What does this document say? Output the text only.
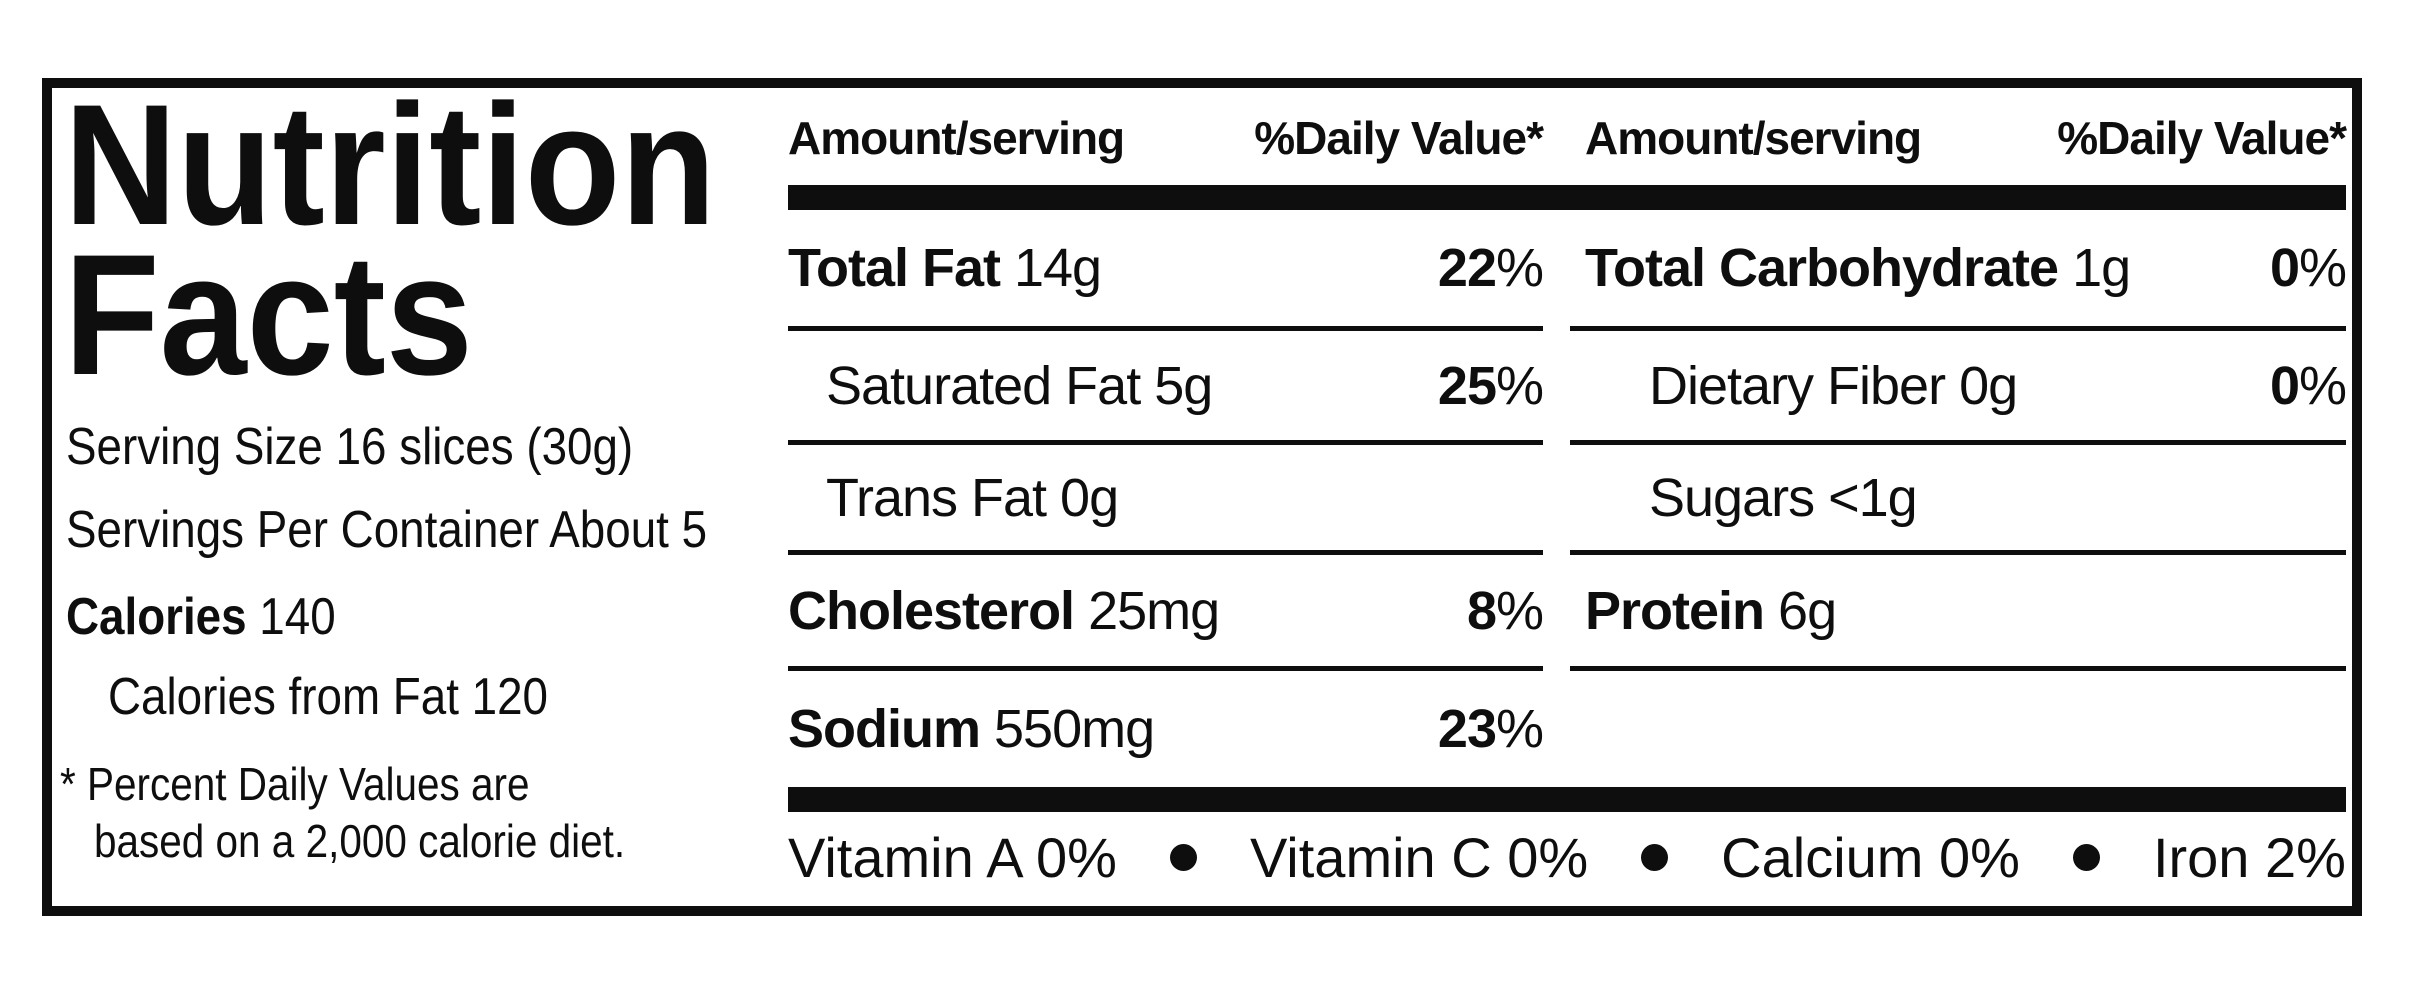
Nutrition
Facts
Serving Size 16 slices (30g)
Servings Per Container About 5
Calories 140
Calories from Fat 120
* Percent Daily Values are
based on a 2,000 calorie diet.
Amount/serving	%Daily Value* Amount/serving	%Daily Value*
Total Fat 14g	22%
Saturated Fat 5g	25%
Trans Fat 0g
Cholesterol 25mg	8%
Sodium 550mg	23%
Total Carbohydrate 1g	0%
Dietary Fiber 0g	0%
Sugars <1g
Protein 6g
Vitamin A 0% Vitamin C 0% Calcium 0% Iron 2%
